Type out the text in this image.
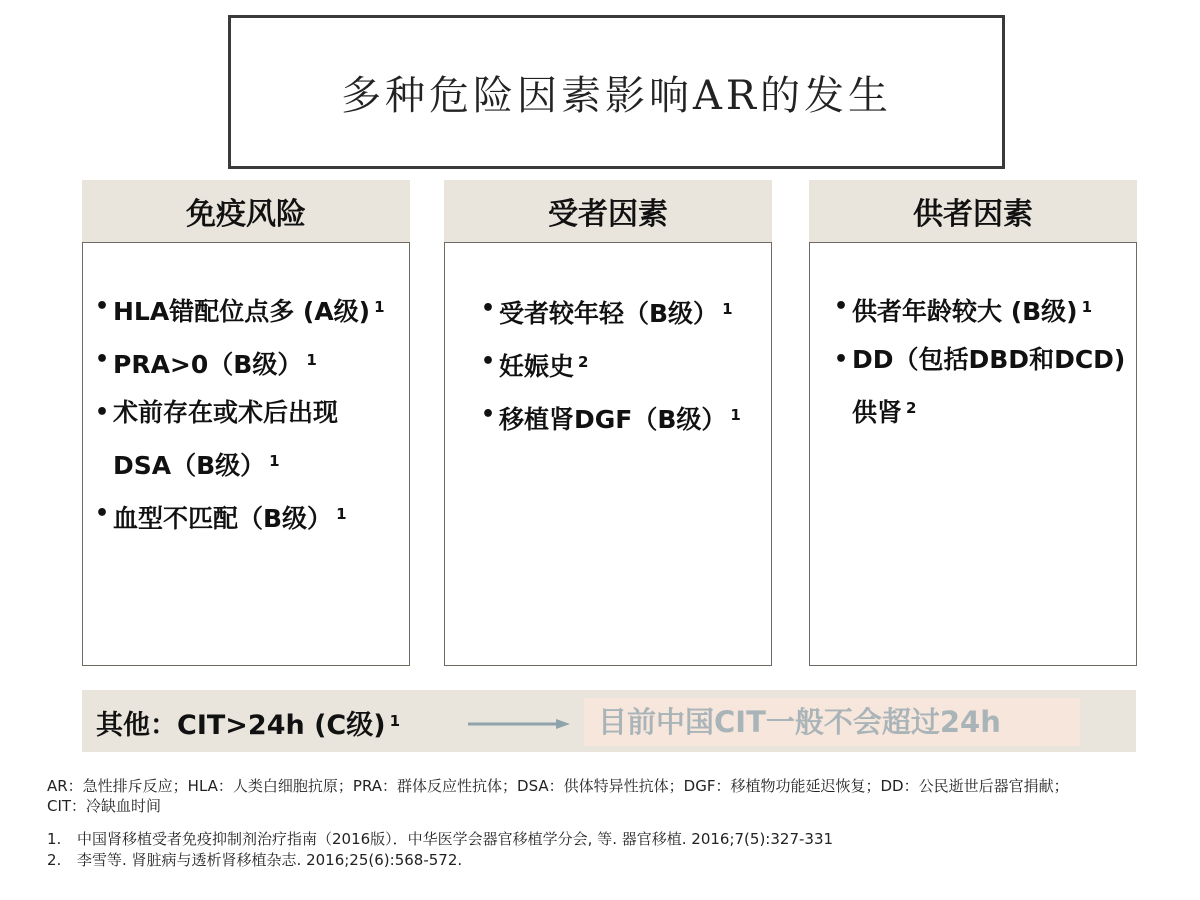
多种危险因素影响AR的发生
免疫风险
• HLA错配位点多 (A级) $^1$
• PRA>0（B级） $^1$
• 术前存在或术后出现
DSA（B级） $^1$
• 血型不匹配（B级） $^1$
受者因素
• 受者较年轻（B级） $^1$
• 妊娠史 $^2$
• 移植肾DGF（B级） $^1$
供者因素
• 供者年龄较大 (B级) $^1$
• DD（包括DBD和DCD)
供肾 $^2$
其他：CIT>24h (C级) $^1$	目前中国CIT一般不会超过24h
AR：急性排斥反应；HLA：人类白细胞抗原；PRA：群体反应性抗体；DSA：供体特异性抗体；DGF：移植物功能延迟恢复；DD：公民逝世后器官捐献；
CIT：冷缺血时间
1.	中国肾移植受者免疫抑制剂治疗指南（2016版）．中华医学会器官移植学分会, 等. 器官移植. 2016;7(5):327-331
2.	李雪等. 肾脏病与透析肾移植杂志. 2016;25(6):568-572.
